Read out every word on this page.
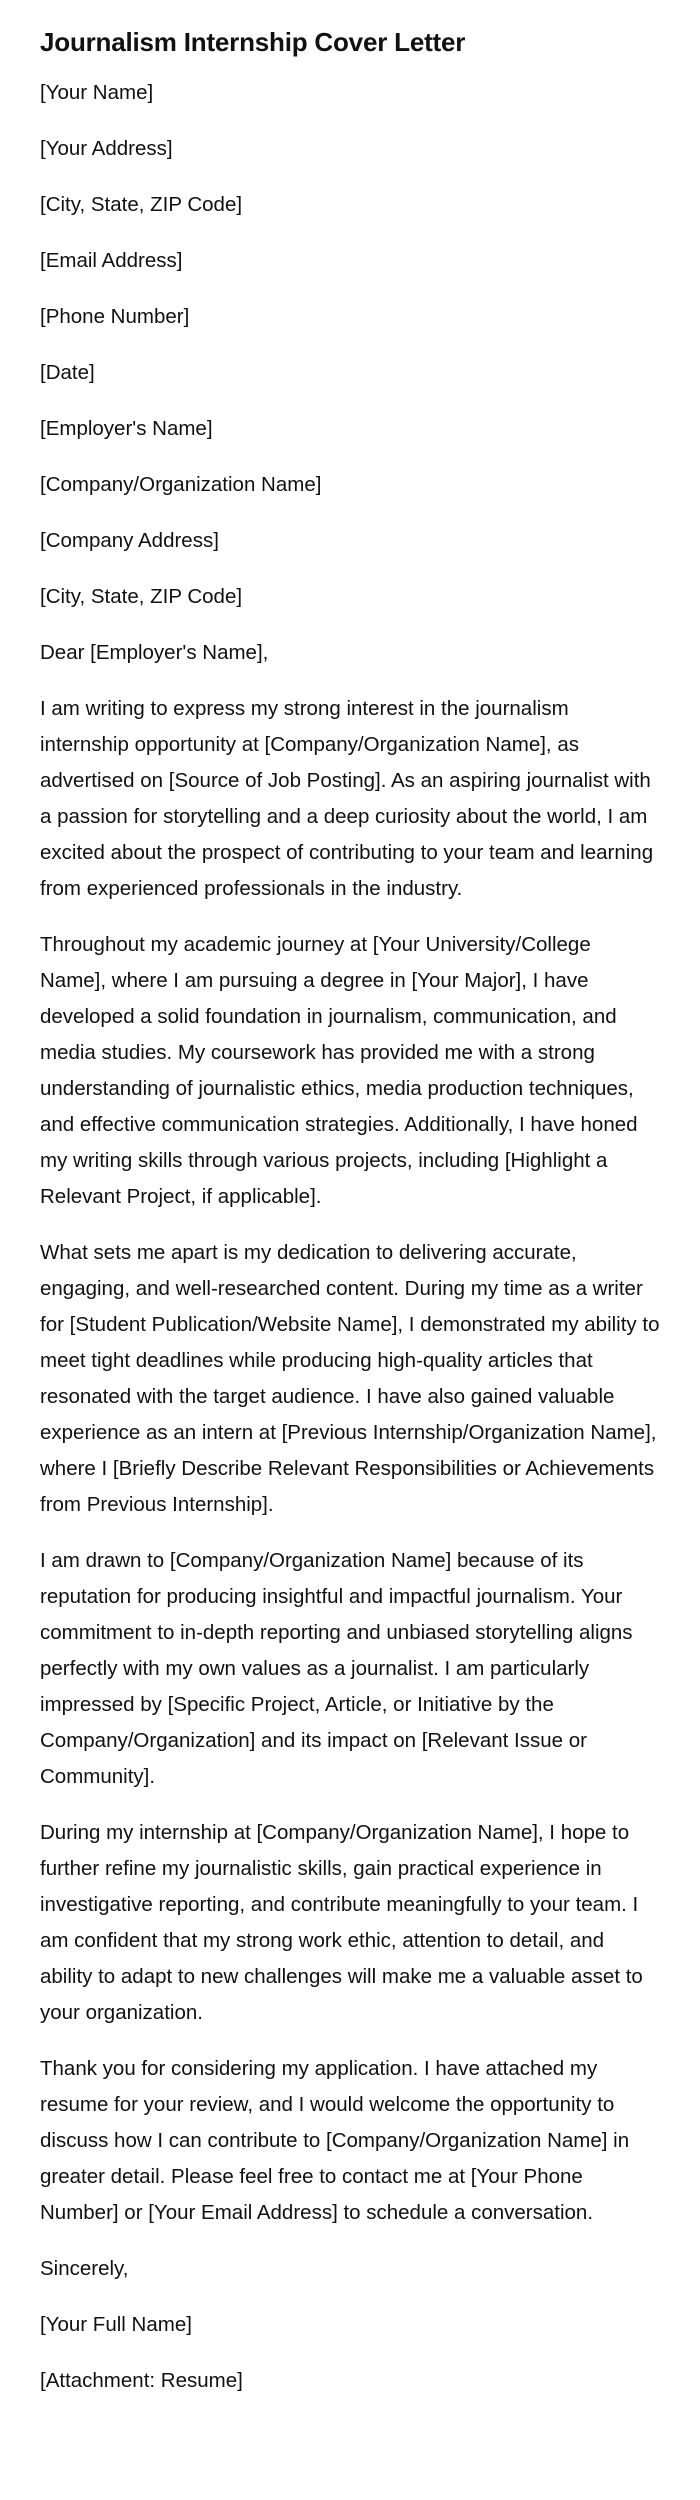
Journalism Internship Cover Letter

[Your Name]

[Your Address]

[City, State, ZIP Code]

[Email Address]

[Phone Number]

[Date]

[Employer's Name]

[Company/Organization Name]

[Company Address]

[City, State, ZIP Code]

Dear [Employer's Name],

I am writing to express my strong interest in the journalism internship opportunity at [Company/Organization Name], as advertised on [Source of Job Posting]. As an aspiring journalist with a passion for storytelling and a deep curiosity about the world, I am excited about the prospect of contributing to your team and learning from experienced professionals in the industry.

Throughout my academic journey at [Your University/College Name], where I am pursuing a degree in [Your Major], I have developed a solid foundation in journalism, communication, and media studies. My coursework has provided me with a strong understanding of journalistic ethics, media production techniques, and effective communication strategies. Additionally, I have honed my writing skills through various projects, including [Highlight a Relevant Project, if applicable].

What sets me apart is my dedication to delivering accurate, engaging, and well-researched content. During my time as a writer for [Student Publication/Website Name], I demonstrated my ability to meet tight deadlines while producing high-quality articles that resonated with the target audience. I have also gained valuable experience as an intern at [Previous Internship/Organization Name], where I [Briefly Describe Relevant Responsibilities or Achievements from Previous Internship].

I am drawn to [Company/Organization Name] because of its reputation for producing insightful and impactful journalism. Your commitment to in-depth reporting and unbiased storytelling aligns perfectly with my own values as a journalist. I am particularly impressed by [Specific Project, Article, or Initiative by the Company/Organization] and its impact on [Relevant Issue or Community].

During my internship at [Company/Organization Name], I hope to further refine my journalistic skills, gain practical experience in investigative reporting, and contribute meaningfully to your team. I am confident that my strong work ethic, attention to detail, and ability to adapt to new challenges will make me a valuable asset to your organization.

Thank you for considering my application. I have attached my resume for your review, and I would welcome the opportunity to discuss how I can contribute to [Company/Organization Name] in greater detail. Please feel free to contact me at [Your Phone Number] or [Your Email Address] to schedule a conversation.

Sincerely,

[Your Full Name]

[Attachment: Resume]
